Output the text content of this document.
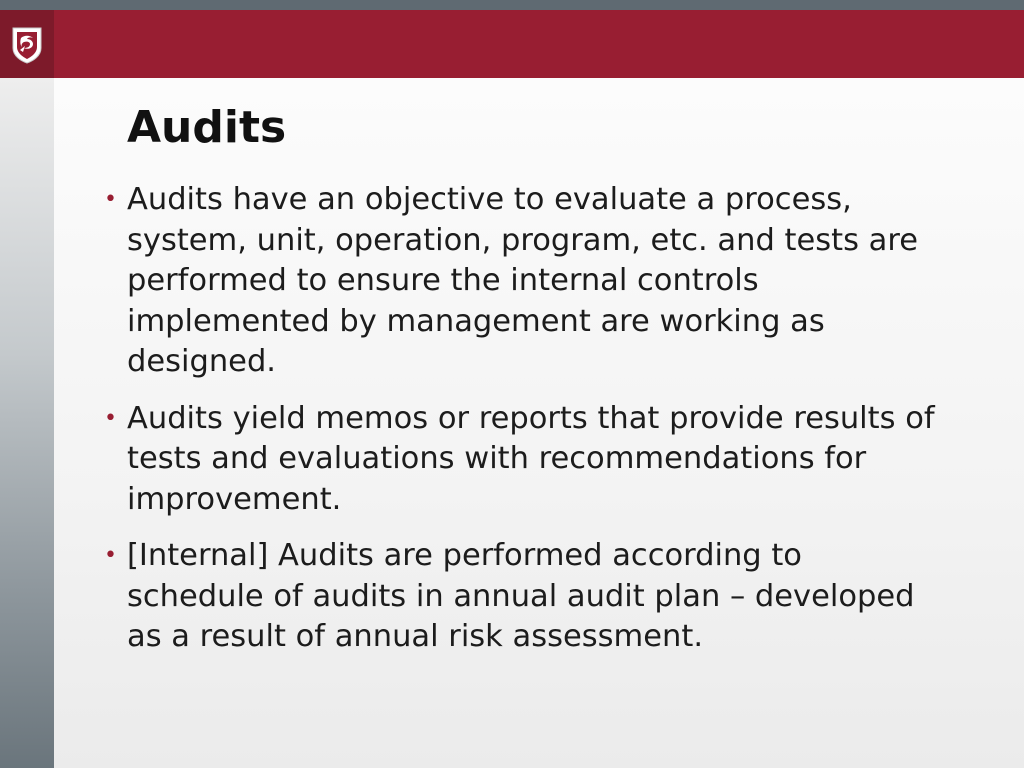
Audits
• Audits have an objective to evaluate a process, system, unit, operation, program, etc. and tests are performed to ensure the internal controls implemented by management are working as designed.
• Audits yield memos or reports that provide results of tests and evaluations with recommendations for improvement.
• [Internal] Audits are performed according to schedule of audits in annual audit plan – developed as a result of annual risk assessment.
